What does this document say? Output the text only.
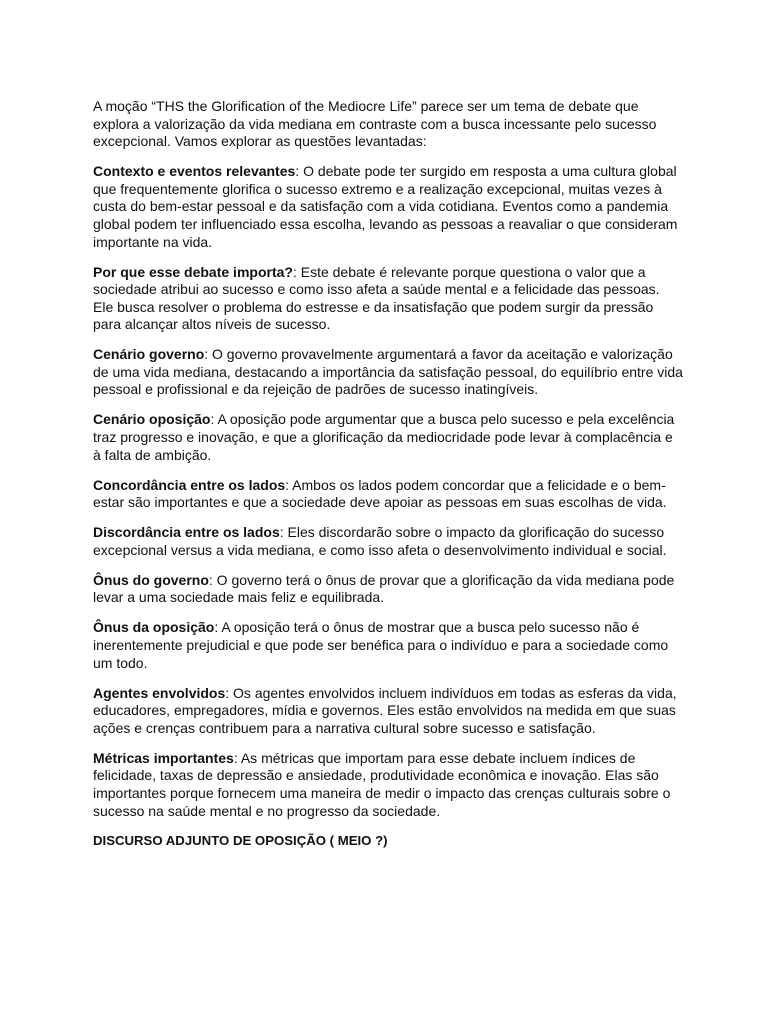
A moção “THS the Glorification of the Mediocre Life” parece ser um tema de debate que explora a valorização da vida mediana em contraste com a busca incessante pelo sucesso excepcional. Vamos explorar as questões levantadas:

Contexto e eventos relevantes: O debate pode ter surgido em resposta a uma cultura global que frequentemente glorifica o sucesso extremo e a realização excepcional, muitas vezes à custa do bem-estar pessoal e da satisfação com a vida cotidiana. Eventos como a pandemia global podem ter influenciado essa escolha, levando as pessoas a reavaliar o que consideram importante na vida.

Por que esse debate importa?: Este debate é relevante porque questiona o valor que a sociedade atribui ao sucesso e como isso afeta a saúde mental e a felicidade das pessoas. Ele busca resolver o problema do estresse e da insatisfação que podem surgir da pressão para alcançar altos níveis de sucesso.

Cenário governo: O governo provavelmente argumentará a favor da aceitação e valorização de uma vida mediana, destacando a importância da satisfação pessoal, do equilíbrio entre vida pessoal e profissional e da rejeição de padrões de sucesso inatingíveis.

Cenário oposição: A oposição pode argumentar que a busca pelo sucesso e pela excelência traz progresso e inovação, e que a glorificação da mediocridade pode levar à complacência e à falta de ambição.

Concordância entre os lados: Ambos os lados podem concordar que a felicidade e o bem-estar são importantes e que a sociedade deve apoiar as pessoas em suas escolhas de vida.

Discordância entre os lados: Eles discordarão sobre o impacto da glorificação do sucesso excepcional versus a vida mediana, e como isso afeta o desenvolvimento individual e social.

Ônus do governo: O governo terá o ônus de provar que a glorificação da vida mediana pode levar a uma sociedade mais feliz e equilibrada.

Ônus da oposição: A oposição terá o ônus de mostrar que a busca pelo sucesso não é inerentemente prejudicial e que pode ser benéfica para o indivíduo e para a sociedade como um todo.

Agentes envolvidos: Os agentes envolvidos incluem indivíduos em todas as esferas da vida, educadores, empregadores, mídia e governos. Eles estão envolvidos na medida em que suas ações e crenças contribuem para a narrativa cultural sobre sucesso e satisfação.

Métricas importantes: As métricas que importam para esse debate incluem índices de felicidade, taxas de depressão e ansiedade, produtividade econômica e inovação. Elas são importantes porque fornecem uma maneira de medir o impacto das crenças culturais sobre o sucesso na saúde mental e no progresso da sociedade.

DISCURSO ADJUNTO DE OPOSIÇÃO ( MEIO ?)
